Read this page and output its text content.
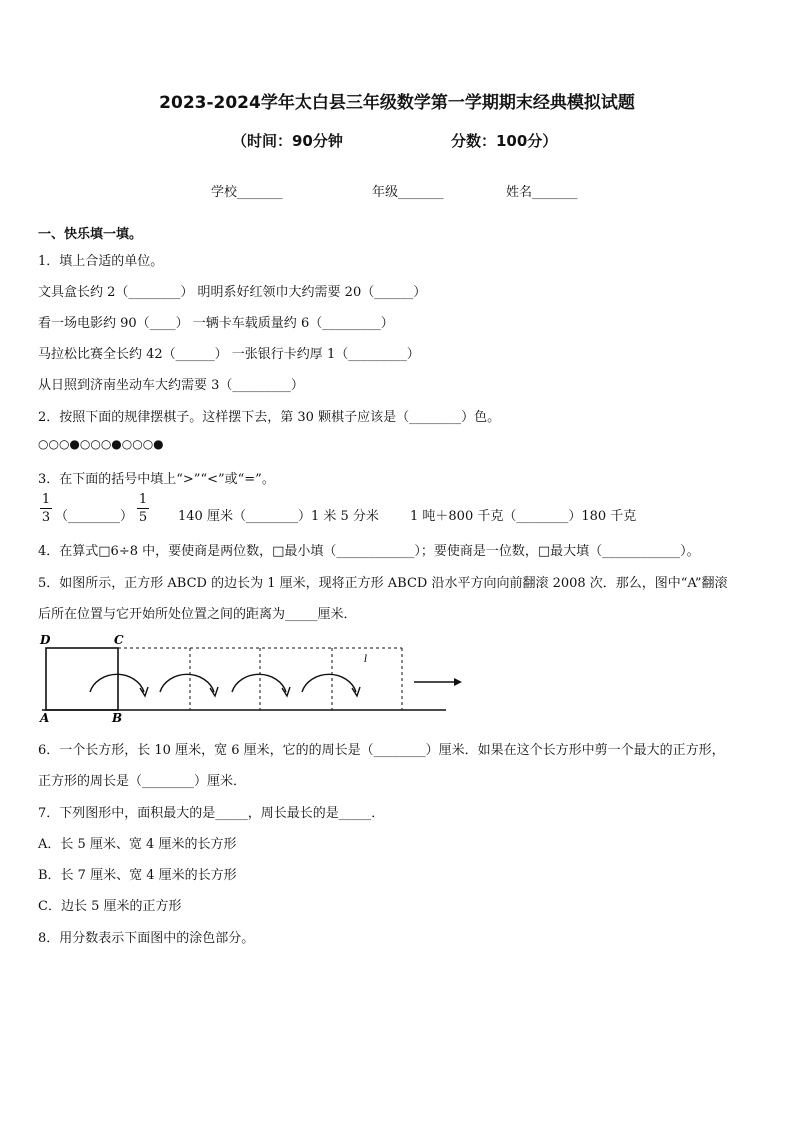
2023-2024学年太白县三年级数学第一学期期末经典模拟试题
（时间：90分钟	分数：100分）
学校_______	年级_______	姓名_______
一、快乐填一填。
1．填上合适的单位。
文具盒长约 2（________） 明明系好红领巾大约需要 20（______）
看一场电影约 90（____） 一辆卡车载质量约 6（_________）
马拉松比赛全长约 42（______） 一张银行卡约厚 1（_________）
从日照到济南坐动车大约需要 3（_________）
2．按照下面的规律摆棋子。这样摆下去，第 30 颗棋子应该是（________）色。
○○○●○○○●○○○●
3．在下面的括号中填上“>”“<”或“=”。
1
3 （________）
1
5 140 厘米（________）1 米 5 分米 1 吨＋800 千克（________）180 千克
4．在算式□6÷8 中，要使商是两位数，□最小填（____________）；要使商是一位数，□最大填（____________）。
5．如图所示，正方形 ABCD 的边长为 1 厘米，现将正方形 ABCD 沿水平方向向前翻滚 2008 次．那么，图中“A”翻滚
后所在位置与它开始所处位置之间的距离为_____厘米．
D	C
A	B
l
6．一个长方形，长 10 厘米，宽 6 厘米，它的的周长是（________）厘米．如果在这个长方形中剪一个最大的正方形，
正方形的周长是（________）厘米．
7．下列图形中，面积最大的是_____，周长最长的是_____．
A．长 5 厘米、宽 4 厘米的长方形
B．长 7 厘米、宽 4 厘米的长方形
C．边长 5 厘米的正方形
8．用分数表示下面图中的涂色部分。
